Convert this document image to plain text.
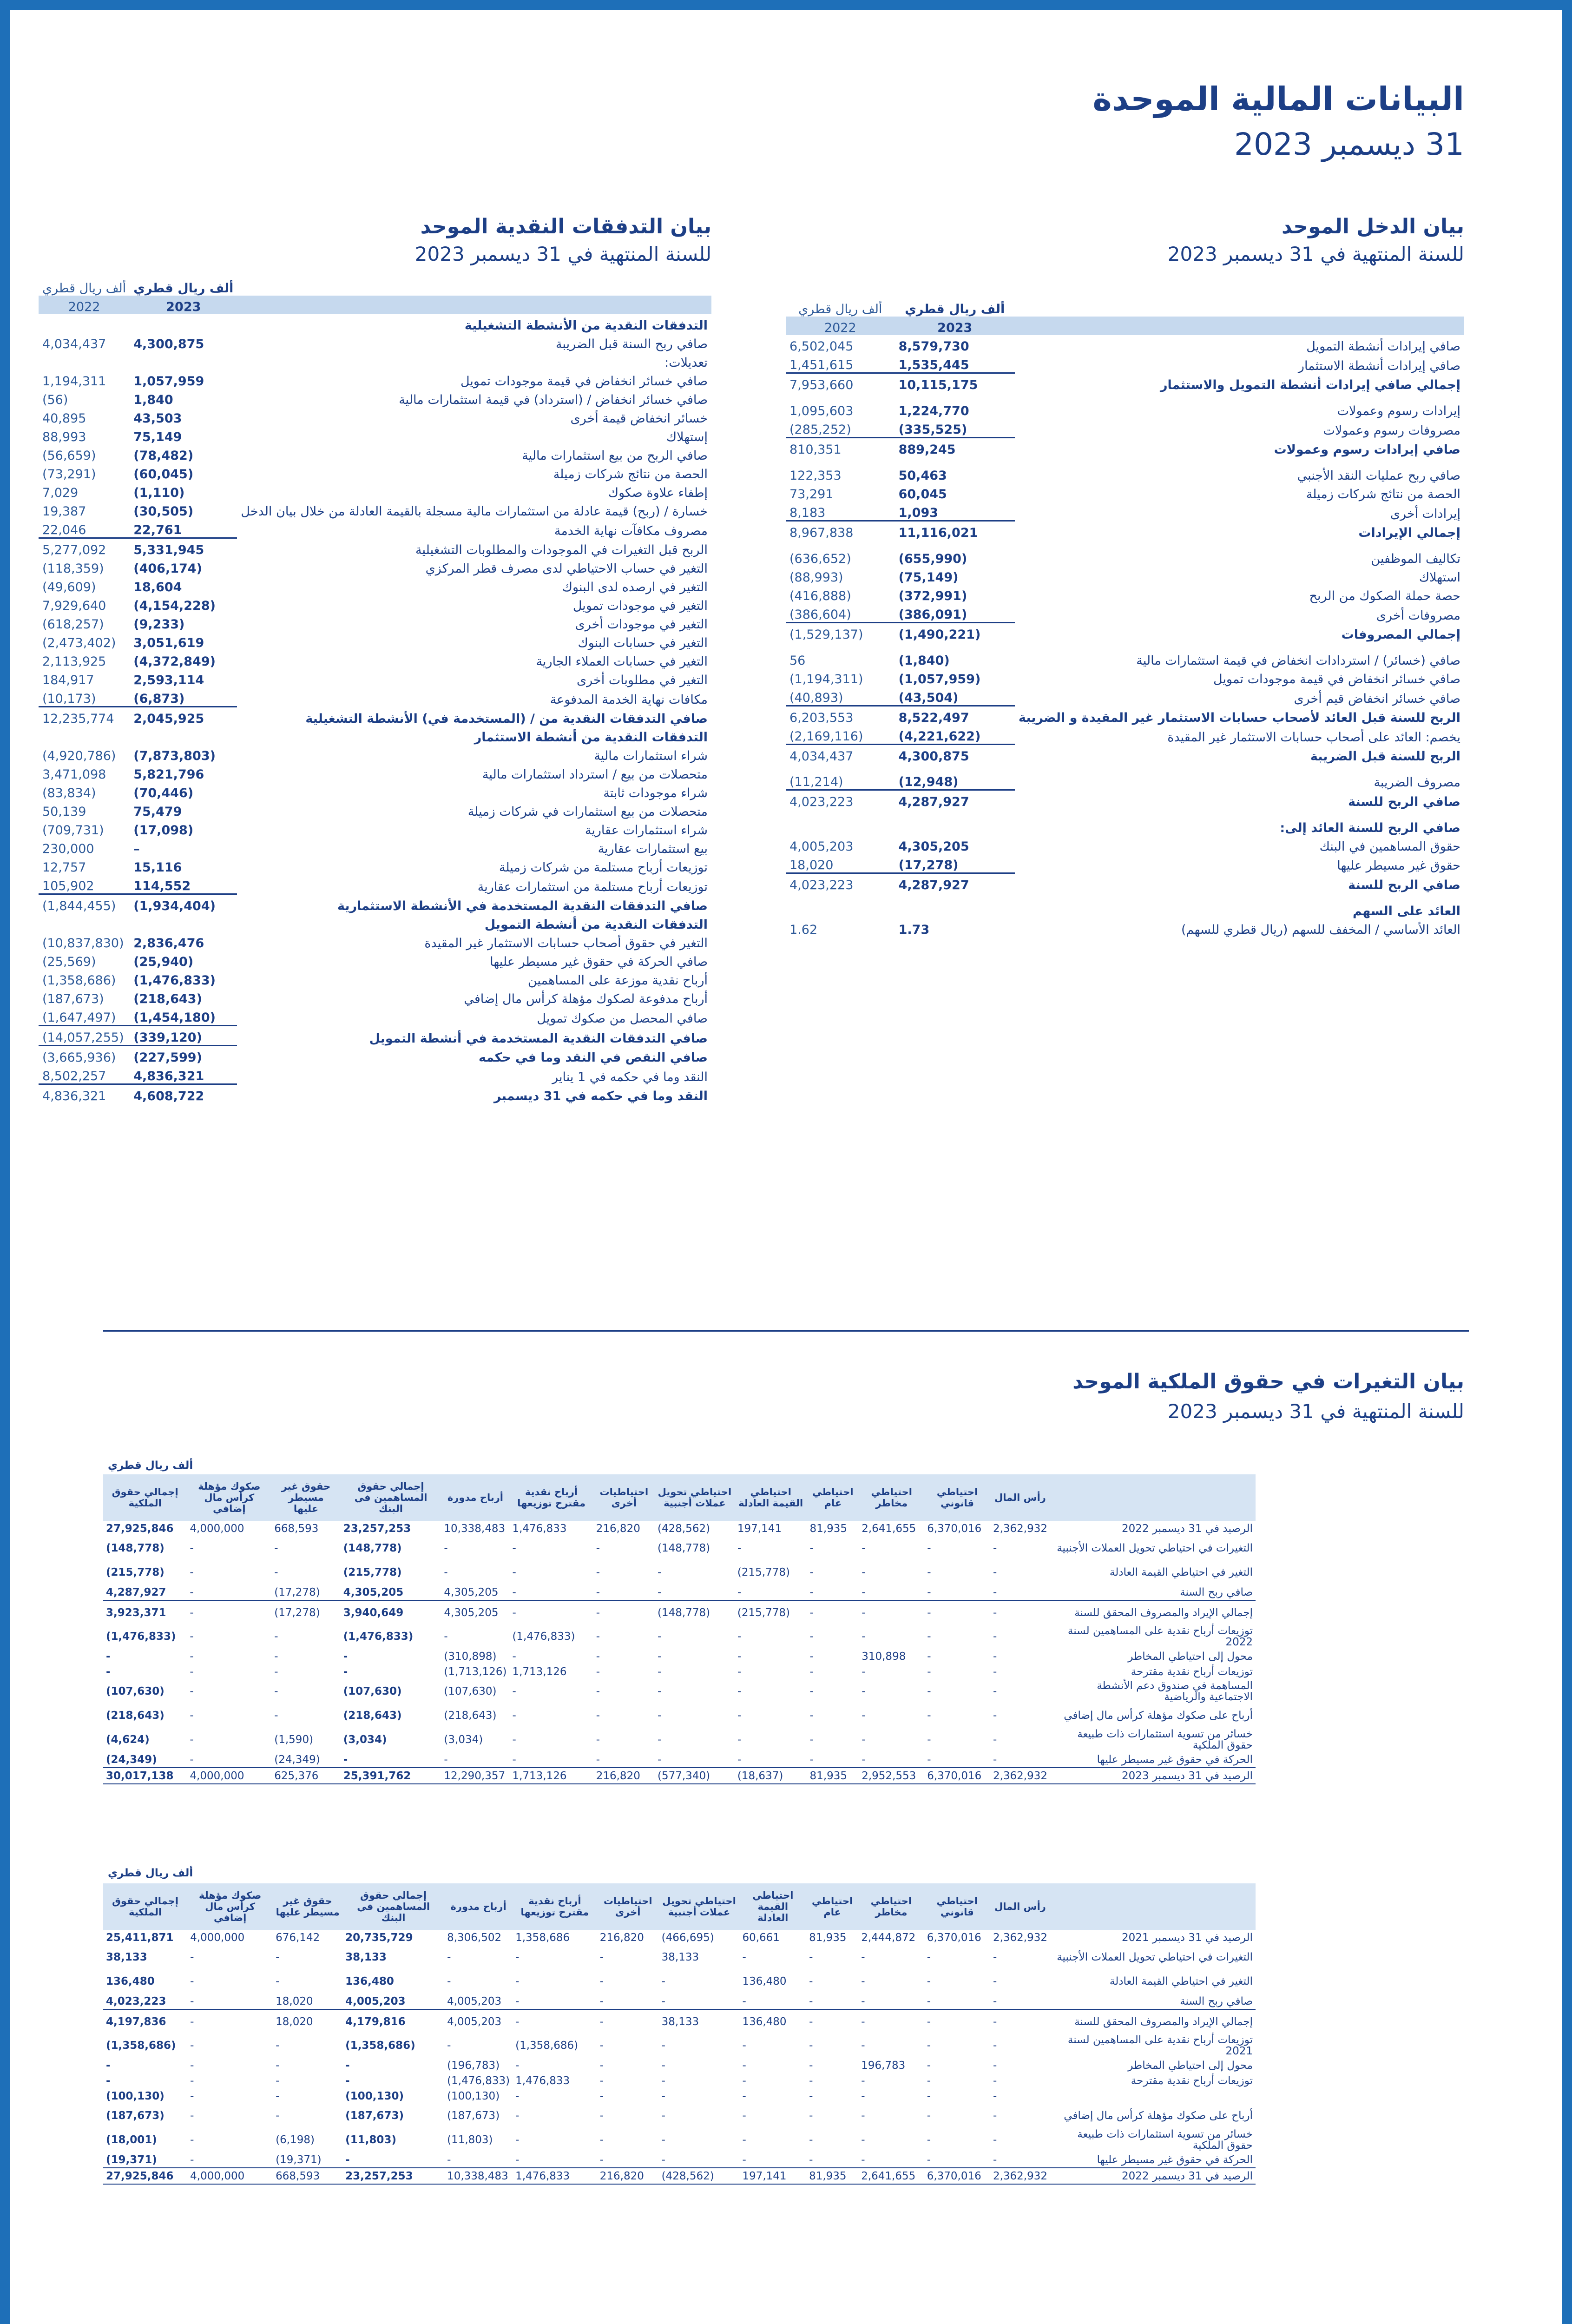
البيانات المالية الموحدة
31 ديسمبر 2023
بيان الدخل الموحد
للسنة المنتهية في 31 ديسمبر 2023
	ألف ريال قطري	ألف ريال قطري
	2023	2022
صافي إيرادات أنشطة التمويل	8,579,730	6,502,045
صافي إيرادات أنشطة الاستثمار	1,535,445	1,451,615
إجمالي صافي إيرادات أنشطة التمويل والاستثمار	10,115,175	7,953,660
إيرادات رسوم وعمولات	1,224,770	1,095,603
مصروفات رسوم وعمولات	(335,525)	(285,252)
صافي إيرادات رسوم وعمولات	889,245	810,351
صافي ربح عمليات النقد الأجنبي	50,463	122,353
الحصة من نتائج شركات زميلة	60,045	73,291
إيرادات أخرى	1,093	8,183
إجمالي الإيرادات	11,116,021	8,967,838
تكاليف الموظفين	(655,990)	(636,652)
استهلاك	(75,149)	(88,993)
حصة حملة الصكوك من الربح	(372,991)	(416,888)
مصروفات أخرى	(386,091)	(386,604)
إجمالي المصروفات	(1,490,221)	(1,529,137)
صافي (خسائر) / استردادات انخفاض في قيمة استثمارات مالية	(1,840)	56
صافي خسائر انخفاض في قيمة موجودات تمويل	(1,057,959)	(1,194,311)
صافي خسائر انخفاض قيم أخرى	(43,504)	(40,893)
الربح للسنة قبل العائد لأصحاب حسابات الاستثمار غير المقيدة و الضريبة	8,522,497	6,203,553
يخصم: العائد على أصحاب حسابات الاستثمار غير المقيدة	(4,221,622)	(2,169,116)
الربح للسنة قبل الضريبة	4,300,875	4,034,437
مصروف الضريبة	(12,948)	(11,214)
صافي الربح للسنة	4,287,927	4,023,223
صافي الربح للسنة العائد إلى:		
حقوق المساهمين في البنك	4,305,205	4,005,203
حقوق غير مسيطر عليها	(17,278)	18,020
صافي الربح للسنة	4,287,927	4,023,223
العائد على السهم		
العائد الأساسي / المخفف للسهم (ريال قطري للسهم)	1.73	1.62
بيان التدفقات النقدية الموحد
للسنة المنتهية في 31 ديسمبر 2023
	ألف ريال قطري	ألف ريال قطري
	2023	2022
التدفقات النقدية من الأنشطة التشغيلية		
صافي ربح السنة قبل الضريبة	4,300,875	4,034,437
تعديلات:		
صافي خسائر انخفاض في قيمة موجودات تمويل	1,057,959	1,194,311
صافي خسائر انخفاض / (استرداد) في قيمة استثمارات مالية	1,840	(56)
خسائر انخفاض قيمة أخرى	43,503	40,895
إستهلاك	75,149	88,993
صافي الربح من بيع استثمارات مالية	(78,482)	(56,659)
الحصة من نتائج شركات زميلة	(60,045)	(73,291)
إطفاء علاوة صكوك	(1,110)	7,029
خسارة / (ربح) قيمة عادلة من استثمارات مالية مسجلة بالقيمة العادلة من خلال بيان الدخل	(30,505)	19,387
مصروف مكافآت نهاية الخدمة	22,761	22,046
الربح قبل التغيرات في الموجودات والمطلوبات التشغيلية	5,331,945	5,277,092
التغير في حساب الاحتياطي لدى مصرف قطر المركزي	(406,174)	(118,359)
التغير في ارصده لدى البنوك	18,604	(49,609)
التغير في موجودات تمويل	(4,154,228)	7,929,640
التغير في موجودات أخرى	(9,233)	(618,257)
التغير في حسابات البنوك	3,051,619	(2,473,402)
التغير في حسابات العملاء الجارية	(4,372,849)	2,113,925
التغير في مطلوبات أخرى	2,593,114	184,917
مكافات نهاية الخدمة المدفوعة	(6,873)	(10,173)
صافي التدفقات النقدية من / (المستخدمة في) الأنشطة التشغيلية	2,045,925	12,235,774
التدفقات النقدية من أنشطة الاستثمار		
شراء استثمارات مالية	(7,873,803)	(4,920,786)
متحصلات من بيع / استرداد استثمارات مالية	5,821,796	3,471,098
شراء موجودات ثابتة	(70,446)	(83,834)
متحصلات من بيع استثمارات في شركات زميلة	75,479	50,139
شراء استثمارات عقارية	(17,098)	(709,731)
بيع استثمارات عقارية	–	230,000
توزيعات أرباح مستلمة من شركات زميلة	15,116	12,757
توزيعات أرباح مستلمة من استثمارات عقارية	114,552	105,902
صافي التدفقات النقدية المستخدمة في الأنشطة الاستثمارية	(1,934,404)	(1,844,455)
التدفقات النقدية من أنشطة التمويل		
التغير في حقوق أصحاب حسابات الاستثمار غير المقيدة	2,836,476	(10,837,830)
صافي الحركة في حقوق غير مسيطر عليها	(25,940)	(25,569)
أرباح نقدية موزعة على المساهمين	(1,476,833)	(1,358,686)
أرباح مدفوعة لصكوك مؤهلة كرأس مال إضافي	(218,643)	(187,673)
صافي المحصل من صكوك تمويل	(1,454,180)	(1,647,497)
صافي التدفقات النقدية المستخدمة في أنشطة التمويل	(339,120)	(14,057,255)
صافي النقص في النقد وما في حكمه	(227,599)	(3,665,936)
النقد وما في حكمه في 1 يناير	4,836,321	8,502,257
النقد وما في حكمه في 31 ديسمبر	4,608,722	4,836,321
بيان التغيرات في حقوق الملكية الموحد
للسنة المنتهية في 31 ديسمبر 2023
ألف ريال قطري
	رأس المال	احتياطي قانوني	احتياطي مخاطر	احتياطي عام	احتياطي القيمة العادلة	احتياطي تحويل عملات أجنبية	احتياطيات أخرى	أرباح نقدية مقترح توزيعها	أرباح مدورة	إجمالي حقوق المساهمين في البنك	حقوق غير مسيطر عليها	صكوك مؤهلة كرأس مال إضافي	إجمالي حقوق الملكية
الرصيد في 31 ديسمبر 2022	2,362,932	6,370,016	2,641,655	81,935	197,141	(428,562)	216,820	1,476,833	10,338,483	23,257,253	668,593	4,000,000	27,925,846
التغيرات في احتياطي تحويل العملات الأجنبية	-	-	-	-	-	(148,778)	-	-	-	(148,778)	-	-	(148,778)
التغير في احتياطي القيمة العادلة	-	-	-	-	(215,778)	-	-	-	-	(215,778)	-	-	(215,778)
صافي ربح السنة	-	-	-	-	-	-	-	-	4,305,205	4,305,205	(17,278)	-	4,287,927
إجمالي الإيراد والمصروف المحقق للسنة	-	-	-	-	(215,778)	(148,778)	-	-	4,305,205	3,940,649	(17,278)	-	3,923,371
توزيعات أرباح نقدية على المساهمين لسنة 2022	-	-	-	-	-	-	-	(1,476,833)	-	(1,476,833)	-	-	(1,476,833)
محول إلى احتياطي المخاطر	-	-	310,898	-	-	-	-	-	(310,898)	-	-	-	-
توزيعات أرباح نقدية مقترحة	-	-	-	-	-	-	-	1,713,126	(1,713,126)	-	-	-	-
المساهمة في صندوق دعم الأنشطة الاجتماعية والرياضية	-	-	-	-	-	-	-	-	(107,630)	(107,630)	-	-	(107,630)
أرباح على صكوك مؤهلة كرأس مال إضافي	-	-	-	-	-	-	-	-	(218,643)	(218,643)	-	-	(218,643)
خسائر من تسوية استثمارات ذات طبيعة حقوق الملكية	-	-	-	-	-	-	-	-	(3,034)	(3,034)	(1,590)	-	(4,624)
الحركة في حقوق غير مسيطر عليها	-	-	-	-	-	-	-	-	-	-	(24,349)	-	(24,349)
الرصيد في 31 ديسمبر 2023	2,362,932	6,370,016	2,952,553	81,935	(18,637)	(577,340)	216,820	1,713,126	12,290,357	25,391,762	625,376	4,000,000	30,017,138
ألف ريال قطري
	رأس المال	احتياطي قانوني	احتياطي مخاطر	احتياطي عام	احتياطي القيمة العادلة	احتياطي تحويل عملات أجنبية	احتياطيات أخرى	أرباح نقدية مقترح توزيعها	أرباح مدورة	إجمالي حقوق المساهمين في البنك	حقوق غير مسيطر عليها	صكوك مؤهلة كرأس مال إضافي	إجمالي حقوق الملكية
الرصيد في 31 ديسمبر 2021	2,362,932	6,370,016	2,444,872	81,935	60,661	(466,695)	216,820	1,358,686	8,306,502	20,735,729	676,142	4,000,000	25,411,871
التغيرات في احتياطي تحويل العملات الأجنبية	-	-	-	-	-	38,133	-	-	-	38,133	-	-	38,133
التغير في احتياطي القيمة العادلة	-	-	-	-	136,480	-	-	-	-	136,480	-	-	136,480
صافي ربح السنة	-	-	-	-	-	-	-	-	4,005,203	4,005,203	18,020	-	4,023,223
إجمالي الإيراد والمصروف المحقق للسنة	-	-	-	-	136,480	38,133	-	-	4,005,203	4,179,816	18,020	-	4,197,836
توزيعات أرباح نقدية على المساهمين لسنة 2021	-	-	-	-	-	-	-	(1,358,686)	-	(1,358,686)	-	-	(1,358,686)
محول إلى احتياطي المخاطر	-	-	196,783	-	-	-	-	-	(196,783)	-	-	-	-
توزيعات أرباح نقدية مقترحة	-	-	-	-	-	-	-	1,476,833	(1,476,833)	-	-	-	-
	-	-	-	-	-	-	-	-	(100,130)	(100,130)	-	-	(100,130)
أرباح على صكوك مؤهلة كرأس مال إضافي	-	-	-	-	-	-	-	-	(187,673)	(187,673)	-	-	(187,673)
خسائر من تسوية استثمارات ذات طبيعة حقوق الملكية	-	-	-	-	-	-	-	-	(11,803)	(11,803)	(6,198)	-	(18,001)
الحركة في حقوق غير مسيطر عليها	-	-	-	-	-	-	-	-	-	-	(19,371)	-	(19,371)
الرصيد في 31 ديسمبر 2022	2,362,932	6,370,016	2,641,655	81,935	197,141	(428,562)	216,820	1,476,833	10,338,483	23,257,253	668,593	4,000,000	27,925,846
